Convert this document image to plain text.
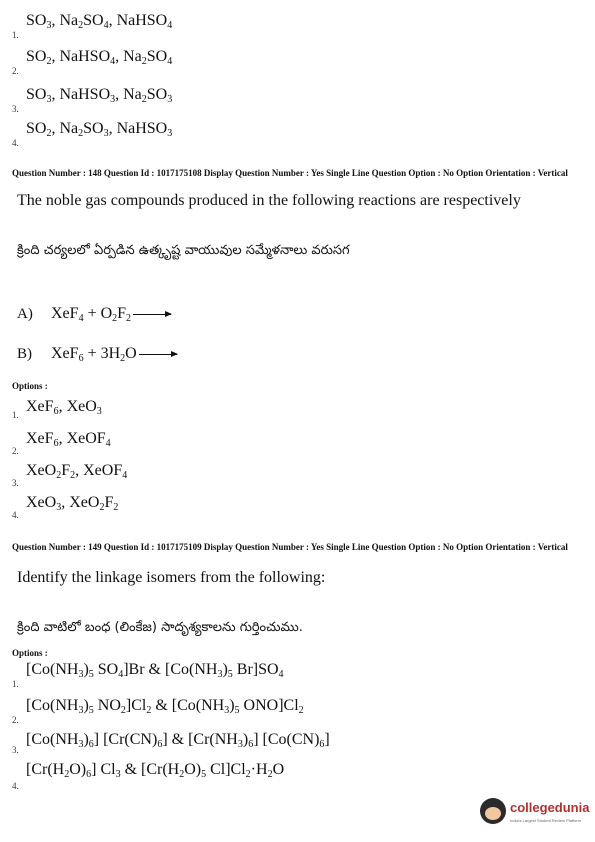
1.
$SO_3$, $Na_2SO_4$, NaHSO$_4$
2.
$SO_2$, NaHSO$_4$, $Na_2SO_4$
3.
$SO_3$, NaHSO$_3$, $Na_2SO_3$
4.
$SO_2$, $Na_2SO_3$, NaHSO$_3$
Question Number : 148 Question Id : 1017175108 Display Question Number : Yes Single Line Question Option : No Option Orientation : Vertical
The noble gas compounds produced in the following reactions are respectively
క్రింది చర్యలలో ఏర్పడిన ఉత్కృష్ట వాయువుల సమ్మేళనాలు వరుసగ
A) $XeF_4 + O_2F_2$
B) $XeF_6 + 3H_2O$
Options :
1. XeF$_6$, XeO$_3$
2.
XeF$_6$, XeOF$_4$
3.
$XeO_2F_2$, XeOF$_4$
4.
XeO$_3$, $XeO_2F_2$
Question Number : 149 Question Id : 1017175109 Display Question Number : Yes Single Line Question Option : No Option Orientation : Vertical
Identify the linkage isomers from the following:
క్రింది వాటిలో బంధ (లింకేజ) సాదృశ్యకాలను గుర్తించుము.
Options :
1.
[$Co(NH_3)_5$ $SO_4]Br$ & [$Co(NH_3)_5$ $Br]SO_4$
2.
[$Co(NH_3)_5$ $NO_2]Cl_2$ & [$Co(NH_3)_5$ $ONO]Cl_2$
3.
$[Co(NH_3)_6]$ $[Cr(CN)_6]$ & $[Cr(NH_3)_6]$ $[Co(CN)_6]$
4.
$[Cr(H_2O)_6]$ $Cl_3$ & [$Cr(H_2O)_5$ $Cl]Cl_2\cdot H_2O$
collegedunia
India's Largest Student Review Platform
